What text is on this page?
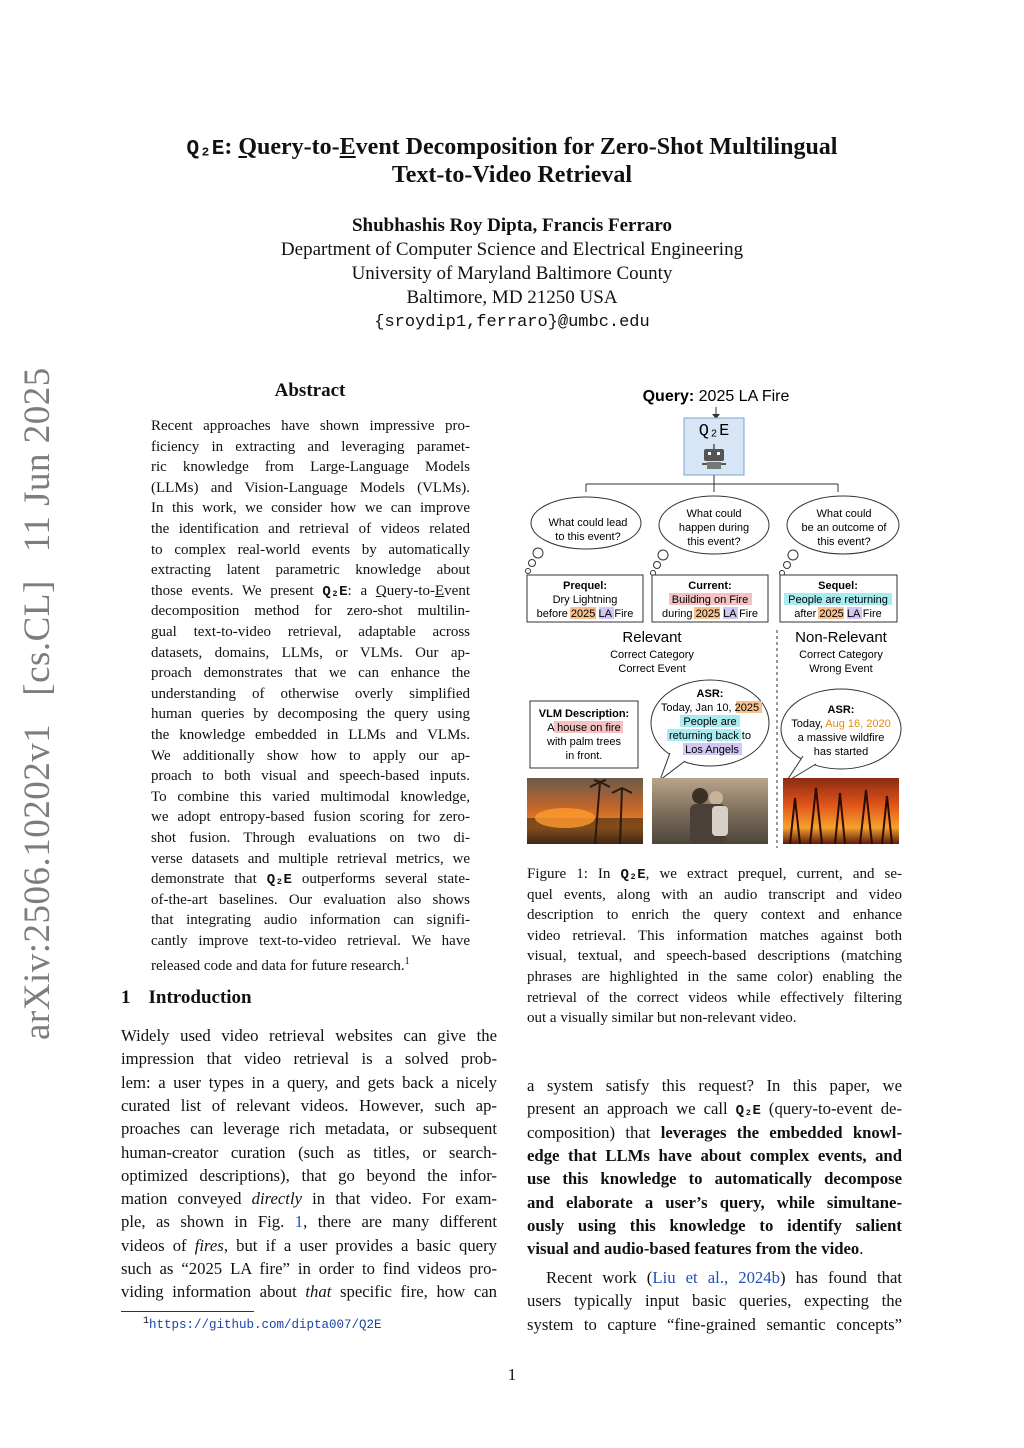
arXiv:2506.10202v1[cs.CL]11 Jun 2025
Q₂E: Query-to-Event Decomposition for Zero-Shot Multilingual
Text-to-Video Retrieval
Shubhashis Roy Dipta, Francis Ferraro
Department of Computer Science and Electrical Engineering
University of Maryland Baltimore County
Baltimore, MD 21250 USA
{sroydip1,ferraro}@umbc.edu
Abstract
Recent approaches have shown impressive pro-
ficiency in extracting and leveraging paramet-
ric knowledge from Large-Language Models
(LLMs) and Vision-Language Models (VLMs).
In this work, we consider how we can improve
the identification and retrieval of videos related
to complex real-world events by automatically
extracting latent parametric knowledge about
those events. We present Q₂E: a Query-to-Event
decomposition method for zero-shot multilin-
gual text-to-video retrieval, adaptable across
datasets, domains, LLMs, or VLMs. Our ap-
proach demonstrates that we can enhance the
understanding of otherwise overly simplified
human queries by decomposing the query using
the knowledge embedded in LLMs and VLMs.
We additionally show how to apply our ap-
proach to both visual and speech-based inputs.
To combine this varied multimodal knowledge,
we adopt entropy-based fusion scoring for zero-
shot fusion. Through evaluations on two di-
verse datasets and multiple retrieval metrics, we
demonstrate that Q₂E outperforms several state-
of-the-art baselines. Our evaluation also shows
that integrating audio information can signifi-
cantly improve text-to-video retrieval. We have
released code and data for future research.$^1$
1 Introduction
Widely used video retrieval websites can give the
impression that video retrieval is a solved prob-
lem: a user types in a query, and gets back a nicely
curated list of relevant videos. However, such ap-
proaches can leverage rich metadata, or subsequent
human-creator curation (such as titles, or search-
optimized descriptions), that go beyond the infor-
mation conveyed directly in that video. For exam-
ple, as shown in Fig. 1, there are many different
videos of fires, but if a user provides a basic query
such as “2025 LA fire” in order to find videos pro-
viding information about that specific fire, how can
$^1$https://github.com/dipta007/Q2E
1
a system satisfy this request? In this paper, we
present an approach we call Q₂E (query-to-event de-
composition) that leverages the embedded knowl-
edge that LLMs have about complex events, and
use this knowledge to automatically decompose
and elaborate a user’s query, while simultane-
ously using this knowledge to identify salient
visual and audio-based features from the video.
Recent work (Liu et al., 2024b) has found that
users typically input basic queries, expecting the
system to capture “fine-grained semantic concepts”
Query: 2025 LA Fire
Q₂E
What could lead to this event?
What could happen during this event?
What could be an outcome of this event?
Prequel:
Dry Lightning
before 2025 LA Fire
Current:
Building on Fire
during 2025 LA Fire
Sequel:
People are returning
after 2025 LA Fire
Relevant
Correct Category
Correct Event
Non-Relevant
Correct Category
Wrong Event
VLM Description:
A house on fire
with palm trees
in front.
ASR:
Today, Jan 10, 2025
People are
returning back to
Los Angels
ASR:
Today, Aug 16, 2020
a massive wildfire
has started
Figure 1: In Q₂E, we extract prequel, current, and se-
quel events, along with an audio transcript and video
description to enrich the query context and enhance
video retrieval. This information matches against both
visual, textual, and speech-based descriptions (matching
phrases are highlighted in the same color) enabling the
retrieval of the correct videos while effectively filtering
out a visually similar but non-relevant video.
